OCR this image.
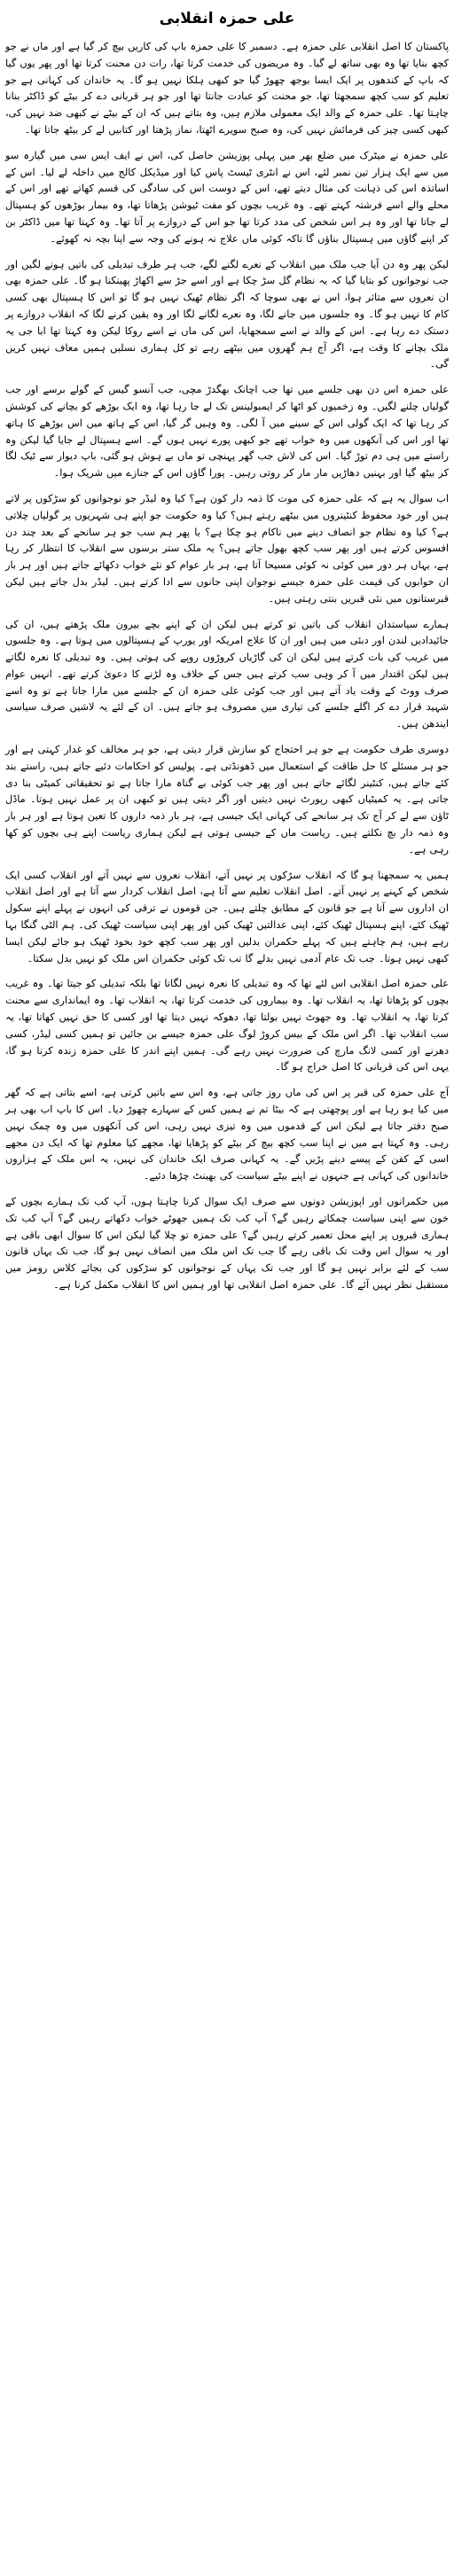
علی حمزہ انقلابی

پاکستان کا اصل انقلابی علی حمزہ ہے۔ دسمبر کا علی حمزہ باپ کی کاریں بیچ کر گیا ہے اور ماں نے جو کچھ بنایا تھا وہ بھی ساتھ لے گیا۔ وہ مریضوں کی خدمت کرتا تھا، رات دن محنت کرتا تھا اور پھر یوں گیا کہ باپ کے کندھوں پر ایک ایسا بوجھ چھوڑ گیا جو کبھی ہلکا نہیں ہو گا۔ یہ خاندان کی کہانی ہے جو تعلیم کو سب کچھ سمجھتا تھا، جو محنت کو عبادت جانتا تھا اور جو ہر قربانی دے کر بیٹے کو ڈاکٹر بنانا چاہتا تھا۔ علی حمزہ کے والد ایک معمولی ملازم ہیں، وہ بتاتے ہیں کہ ان کے بیٹے نے کبھی ضد نہیں کی، کبھی کسی چیز کی فرمائش نہیں کی، وہ صبح سویرے اٹھتا، نماز پڑھتا اور کتابیں لے کر بیٹھ جاتا تھا۔

علی حمزہ نے میٹرک میں ضلع بھر میں پہلی پوزیشن حاصل کی، اس نے ایف ایس سی میں گیارہ سو میں سے ایک ہزار تین نمبر لئے، اس نے انٹری ٹیسٹ پاس کیا اور میڈیکل کالج میں داخلہ لے لیا۔ اس کے اساتذہ اس کی ذہانت کی مثال دیتے تھے، اس کے دوست اس کی سادگی کی قسم کھاتے تھے اور اس کے محلے والے اسے فرشتہ کہتے تھے۔ وہ غریب بچوں کو مفت ٹیوشن پڑھاتا تھا، وہ بیمار بوڑھوں کو ہسپتال لے جاتا تھا اور وہ ہر اس شخص کی مدد کرتا تھا جو اس کے دروازے پر آتا تھا۔ وہ کہتا تھا میں ڈاکٹر بن کر اپنے گاؤں میں ہسپتال بناؤں گا تاکہ کوئی ماں علاج نہ ہونے کی وجہ سے اپنا بچہ نہ کھوئے۔

لیکن پھر وہ دن آیا جب ملک میں انقلاب کے نعرے لگنے لگے، جب ہر طرف تبدیلی کی باتیں ہونے لگیں اور جب نوجوانوں کو بتایا گیا کہ یہ نظام گل سڑ چکا ہے اور اسے جڑ سے اکھاڑ پھینکنا ہو گا۔ علی حمزہ بھی ان نعروں سے متاثر ہوا، اس نے بھی سوچا کہ اگر نظام ٹھیک نہیں ہو گا تو اس کا ہسپتال بھی کسی کام کا نہیں ہو گا۔ وہ جلسوں میں جانے لگا، وہ نعرے لگانے لگا اور وہ یقین کرنے لگا کہ انقلاب دروازے پر دستک دے رہا ہے۔ اس کے والد نے اسے سمجھایا، اس کی ماں نے اسے روکا لیکن وہ کہتا تھا ابا جی یہ ملک بچانے کا وقت ہے، اگر آج ہم گھروں میں بیٹھے رہے تو کل ہماری نسلیں ہمیں معاف نہیں کریں گی۔

علی حمزہ اس دن بھی جلسے میں تھا جب اچانک بھگدڑ مچی، جب آنسو گیس کے گولے برسے اور جب گولیاں چلنے لگیں۔ وہ زخمیوں کو اٹھا کر ایمبولینس تک لے جا رہا تھا، وہ ایک بوڑھے کو بچانے کی کوشش کر رہا تھا کہ ایک گولی اس کے سینے میں آ لگی۔ وہ وہیں گر گیا، اس کے ہاتھ میں اس بوڑھے کا ہاتھ تھا اور اس کی آنکھوں میں وہ خواب تھے جو کبھی پورے نہیں ہوں گے۔ اسے ہسپتال لے جایا گیا لیکن وہ راستے میں ہی دم توڑ گیا۔ اس کی لاش جب گھر پہنچی تو ماں بے ہوش ہو گئی، باپ دیوار سے ٹیک لگا کر بیٹھ گیا اور بہنیں دھاڑیں مار مار کر روتی رہیں۔ پورا گاؤں اس کے جنازے میں شریک ہوا۔

اب سوال یہ ہے کہ علی حمزہ کی موت کا ذمہ دار کون ہے؟ کیا وہ لیڈر جو نوجوانوں کو سڑکوں پر لاتے ہیں اور خود محفوظ کنٹینروں میں بیٹھے رہتے ہیں؟ کیا وہ حکومت جو اپنے ہی شہریوں پر گولیاں چلاتی ہے؟ کیا وہ نظام جو انصاف دینے میں ناکام ہو چکا ہے؟ یا پھر ہم سب جو ہر سانحے کے بعد چند دن افسوس کرتے ہیں اور پھر سب کچھ بھول جاتے ہیں؟ یہ ملک ستر برسوں سے انقلاب کا انتظار کر رہا ہے، یہاں ہر دور میں کوئی نہ کوئی مسیحا آتا ہے، ہر بار عوام کو نئے خواب دکھائے جاتے ہیں اور ہر بار ان خوابوں کی قیمت علی حمزہ جیسے نوجوان اپنی جانوں سے ادا کرتے ہیں۔ لیڈر بدل جاتے ہیں لیکن قبرستانوں میں نئی قبریں بنتی رہتی ہیں۔

ہمارے سیاستدان انقلاب کی باتیں تو کرتے ہیں لیکن ان کے اپنے بچے بیرون ملک پڑھتے ہیں، ان کی جائیدادیں لندن اور دبئی میں ہیں اور ان کا علاج امریکہ اور یورپ کے ہسپتالوں میں ہوتا ہے۔ وہ جلسوں میں غریب کی بات کرتے ہیں لیکن ان کی گاڑیاں کروڑوں روپے کی ہوتی ہیں۔ وہ تبدیلی کا نعرہ لگاتے ہیں لیکن اقتدار میں آ کر وہی سب کرتے ہیں جس کے خلاف وہ لڑنے کا دعویٰ کرتے تھے۔ انہیں عوام صرف ووٹ کے وقت یاد آتے ہیں اور جب کوئی علی حمزہ ان کے جلسے میں مارا جاتا ہے تو وہ اسے شہید قرار دے کر اگلے جلسے کی تیاری میں مصروف ہو جاتے ہیں۔ ان کے لئے یہ لاشیں صرف سیاسی ایندھن ہیں۔

دوسری طرف حکومت ہے جو ہر احتجاج کو سازش قرار دیتی ہے، جو ہر مخالف کو غدار کہتی ہے اور جو ہر مسئلے کا حل طاقت کے استعمال میں ڈھونڈتی ہے۔ پولیس کو احکامات دئیے جاتے ہیں، راستے بند کئے جاتے ہیں، کنٹینر لگائے جاتے ہیں اور پھر جب کوئی بے گناہ مارا جاتا ہے تو تحقیقاتی کمیٹی بنا دی جاتی ہے۔ یہ کمیٹیاں کبھی رپورٹ نہیں دیتیں اور اگر دیتی ہیں تو کبھی ان پر عمل نہیں ہوتا۔ ماڈل ٹاؤن سے لے کر آج تک ہر سانحے کی کہانی ایک جیسی ہے، ہر بار ذمہ داروں کا تعین ہوتا ہے اور ہر بار وہ ذمہ دار بچ نکلتے ہیں۔ ریاست ماں کے جیسی ہوتی ہے لیکن ہماری ریاست اپنے ہی بچوں کو کھا رہی ہے۔

ہمیں یہ سمجھنا ہو گا کہ انقلاب سڑکوں پر نہیں آتے، انقلاب نعروں سے نہیں آتے اور انقلاب کسی ایک شخص کے کہنے پر نہیں آتے۔ اصل انقلاب تعلیم سے آتا ہے، اصل انقلاب کردار سے آتا ہے اور اصل انقلاب ان اداروں سے آتا ہے جو قانون کے مطابق چلتے ہیں۔ جن قوموں نے ترقی کی انہوں نے پہلے اپنے سکول ٹھیک کئے، اپنے ہسپتال ٹھیک کئے، اپنی عدالتیں ٹھیک کیں اور پھر اپنی سیاست ٹھیک کی۔ ہم الٹی گنگا بہا رہے ہیں، ہم چاہتے ہیں کہ پہلے حکمران بدلیں اور پھر سب کچھ خود بخود ٹھیک ہو جائے لیکن ایسا کبھی نہیں ہوتا۔ جب تک عام آدمی نہیں بدلے گا تب تک کوئی حکمران اس ملک کو نہیں بدل سکتا۔

علی حمزہ اصل انقلابی اس لئے تھا کہ وہ تبدیلی کا نعرہ نہیں لگاتا تھا بلکہ تبدیلی کو جیتا تھا۔ وہ غریب بچوں کو پڑھاتا تھا، یہ انقلاب تھا۔ وہ بیماروں کی خدمت کرتا تھا، یہ انقلاب تھا۔ وہ ایمانداری سے محنت کرتا تھا، یہ انقلاب تھا۔ وہ جھوٹ نہیں بولتا تھا، دھوکہ نہیں دیتا تھا اور کسی کا حق نہیں کھاتا تھا، یہ سب انقلاب تھا۔ اگر اس ملک کے بیس کروڑ لوگ علی حمزہ جیسے بن جائیں تو ہمیں کسی لیڈر، کسی دھرنے اور کسی لانگ مارچ کی ضرورت نہیں رہے گی۔ ہمیں اپنے اندر کا علی حمزہ زندہ کرنا ہو گا، یہی اس کی قربانی کا اصل خراج ہو گا۔

آج علی حمزہ کی قبر پر اس کی ماں روز جاتی ہے، وہ اس سے باتیں کرتی ہے، اسے بتاتی ہے کہ گھر میں کیا ہو رہا ہے اور پوچھتی ہے کہ بیٹا تم نے ہمیں کس کے سہارے چھوڑ دیا۔ اس کا باپ اب بھی ہر صبح دفتر جاتا ہے لیکن اس کے قدموں میں وہ تیزی نہیں رہی، اس کی آنکھوں میں وہ چمک نہیں رہی۔ وہ کہتا ہے میں نے اپنا سب کچھ بیچ کر بیٹے کو پڑھایا تھا، مجھے کیا معلوم تھا کہ ایک دن مجھے اسی کے کفن کے پیسے دینے پڑیں گے۔ یہ کہانی صرف ایک خاندان کی نہیں، یہ اس ملک کے ہزاروں خاندانوں کی کہانی ہے جنہوں نے اپنے بیٹے سیاست کی بھینٹ چڑھا دئیے۔

میں حکمرانوں اور اپوزیشن دونوں سے صرف ایک سوال کرنا چاہتا ہوں، آپ کب تک ہمارے بچوں کے خون سے اپنی سیاست چمکاتے رہیں گے؟ آپ کب تک ہمیں جھوٹے خواب دکھاتے رہیں گے؟ آپ کب تک ہماری قبروں پر اپنے محل تعمیر کرتے رہیں گے؟ علی حمزہ تو چلا گیا لیکن اس کا سوال ابھی باقی ہے اور یہ سوال اس وقت تک باقی رہے گا جب تک اس ملک میں انصاف نہیں ہو گا، جب تک یہاں قانون سب کے لئے برابر نہیں ہو گا اور جب تک یہاں کے نوجوانوں کو سڑکوں کی بجائے کلاس رومز میں مستقبل نظر نہیں آئے گا۔ علی حمزہ اصل انقلابی تھا اور ہمیں اس کا انقلاب مکمل کرنا ہے۔
